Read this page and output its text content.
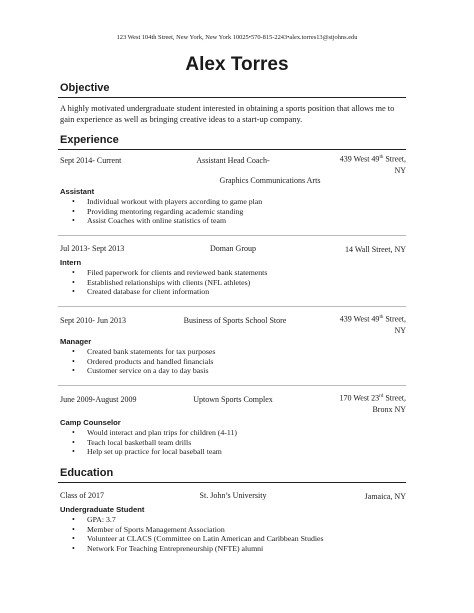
123 West 104th Street, New York, New York 10025•570-815-2243•alex.torres13@stjohns.edu
Alex Torres
Objective
A highly motivated undergraduate student interested in obtaining a sports position that allows me to gain experience as well as bringing creative ideas to a start-up company.
Experience
Sept 2014- Current	Assistant Head Coach-	439 West 49th Street,
NY
Graphics Communications Arts
Assistant
• Individual workout with players according to game plan
• Providing mentoring regarding academic standing
• Assist Coaches with online statistics of team
Jul 2013- Sept 2013	Doman Group	14 Wall Street, NY
Intern
• Filed paperwork for clients and reviewed bank statements
• Established relationships with clients (NFL athletes)
• Created database for client information
Sept 2010- Jun 2013	Business of Sports School Store	439 West 49th Street,
NY
Manager
• Created bank statements for tax purposes
• Ordered products and handled financials
• Customer service on a day to day basis
June 2009-August 2009	Uptown Sports Complex	170 West 23rd Street,
Bronx NY
Camp Counselor
• Would interact and plan trips for children (4-11)
• Teach local basketball team drills
• Help set up practice for local baseball team
Education
Class of 2017	St. John’s University	Jamaica, NY
Undergraduate Student
• GPA: 3.7
• Member of Sports Management Association
• Volunteer at CLACS (Committee on Latin American and Caribbean Studies
• Network For Teaching Entrepreneurship (NFTE) alumni
